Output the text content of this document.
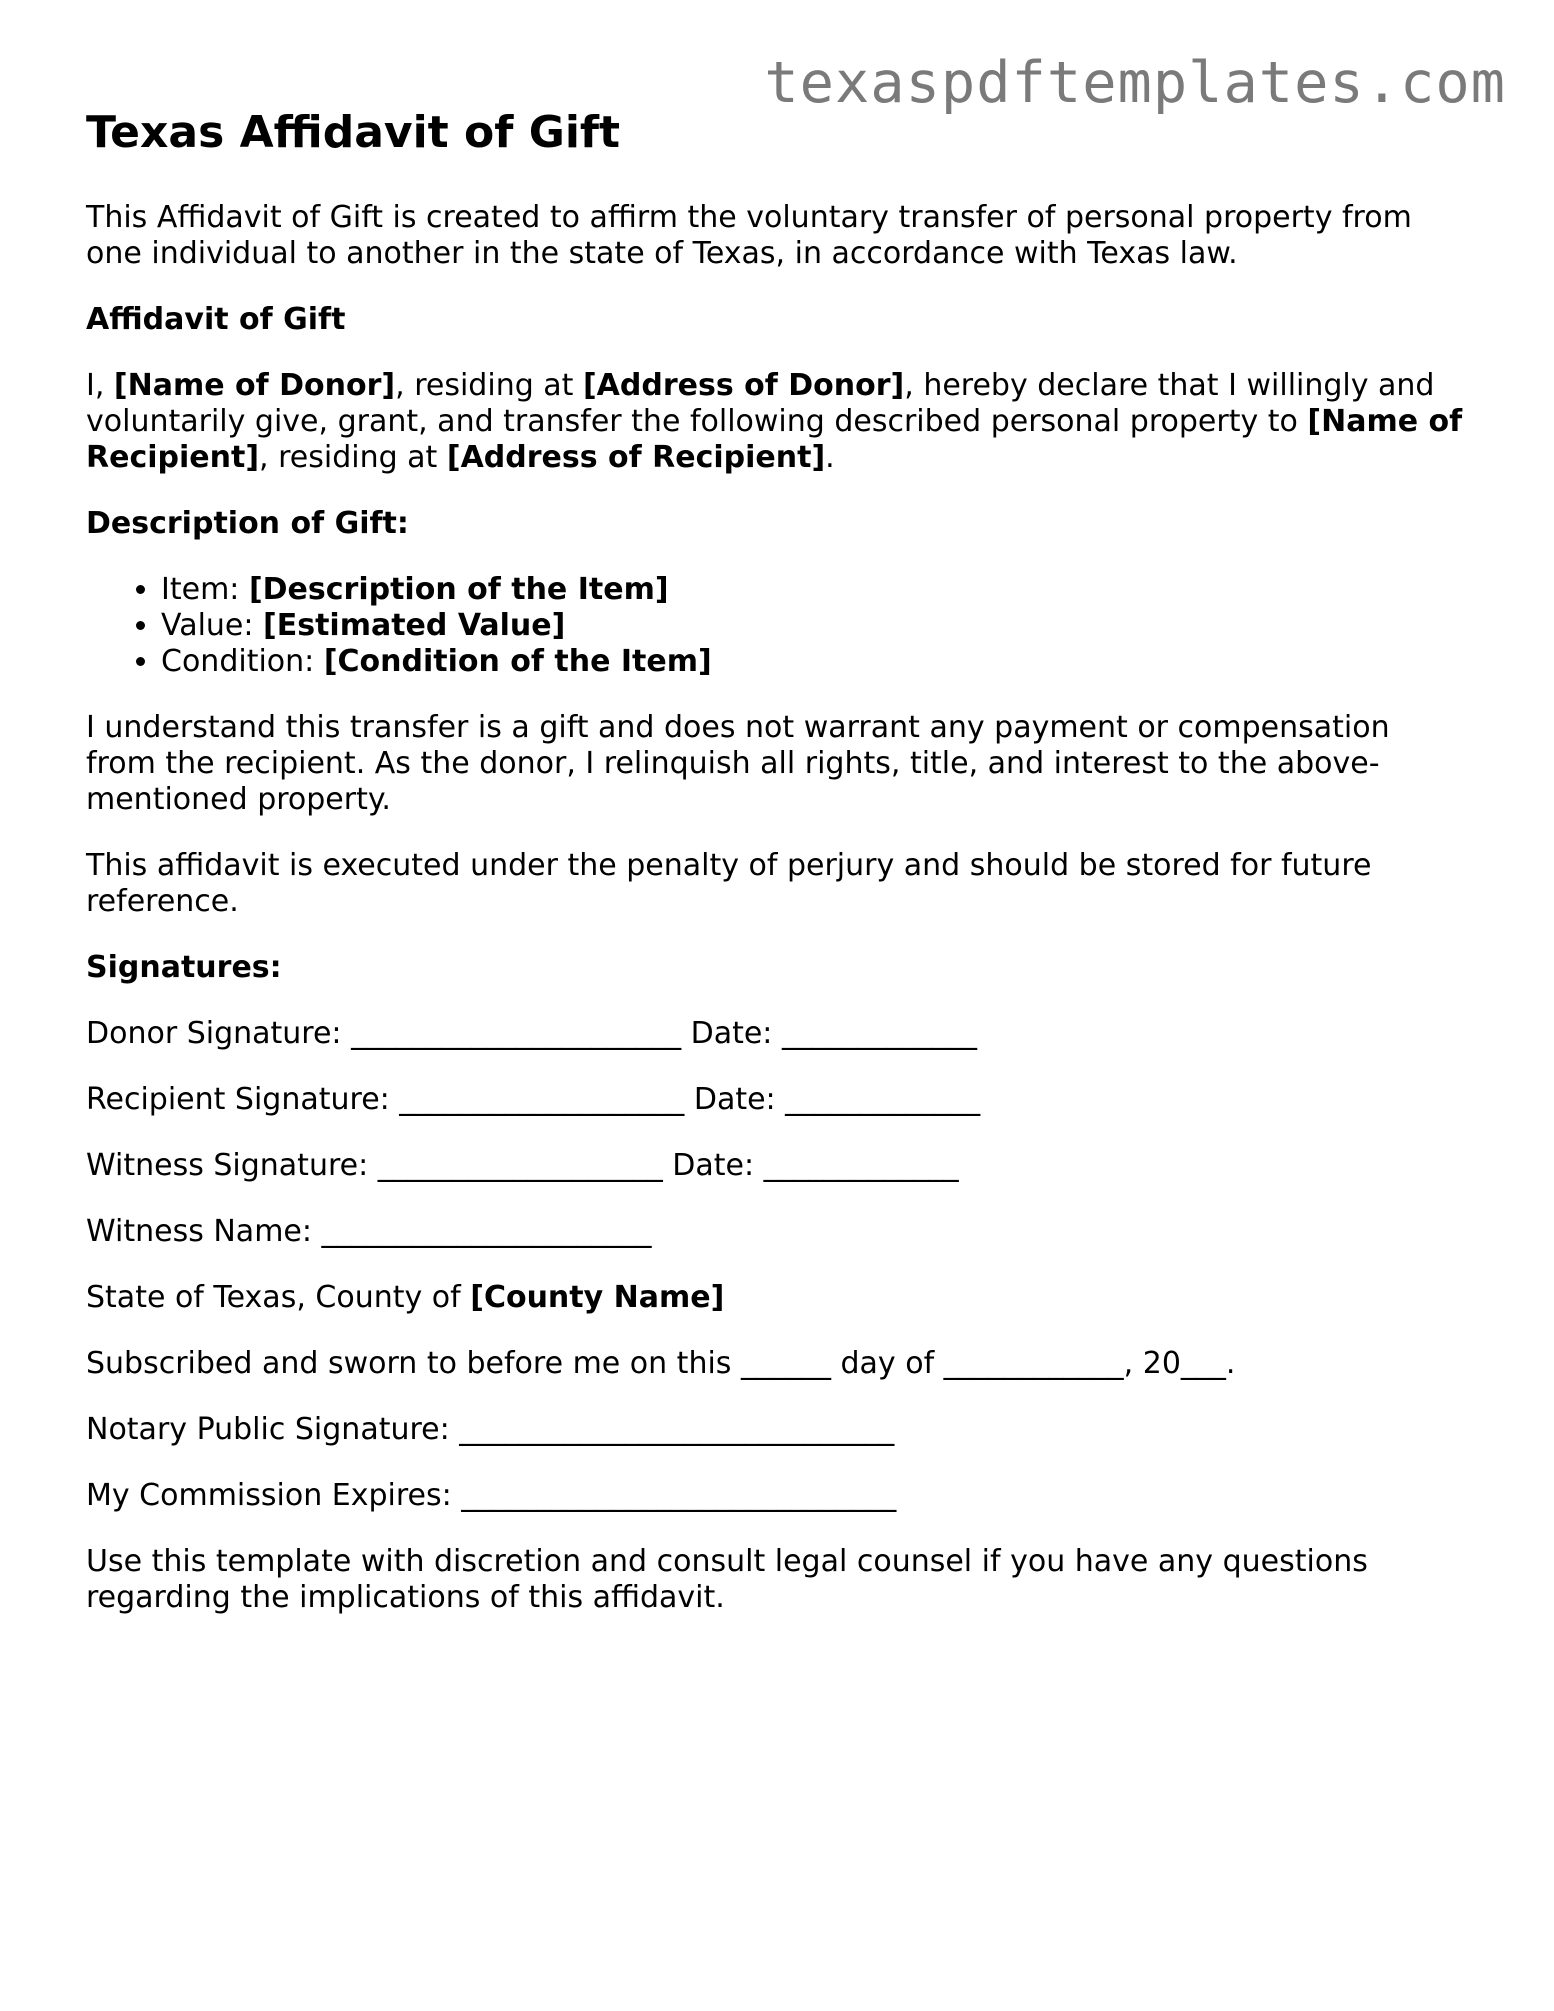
texaspdftemplates.com
Texas Affidavit of Gift

This Affidavit of Gift is created to affirm the voluntary transfer of personal property from one individual to another in the state of Texas, in accordance with Texas law.

Affidavit of Gift

I, [Name of Donor], residing at [Address of Donor], hereby declare that I willingly and voluntarily give, grant, and transfer the following described personal property to [Name of Recipient], residing at [Address of Recipient].

Description of Gift:
• Item: [Description of the Item]
• Value: [Estimated Value]
• Condition: [Condition of the Item]

I understand this transfer is a gift and does not warrant any payment or compensation from the recipient. As the donor, I relinquish all rights, title, and interest to the above-mentioned property.

This affidavit is executed under the penalty of perjury and should be stored for future reference.

Signatures:
Donor Signature: ______________________ Date: _____________
Recipient Signature: ___________________ Date: _____________
Witness Signature: ___________________ Date: _____________
Witness Name: ______________________
State of Texas, County of [County Name]
Subscribed and sworn to before me on this ______ day of ____________, 20___.
Notary Public Signature: _____________________________
My Commission Expires: _____________________________

Use this template with discretion and consult legal counsel if you have any questions regarding the implications of this affidavit.
